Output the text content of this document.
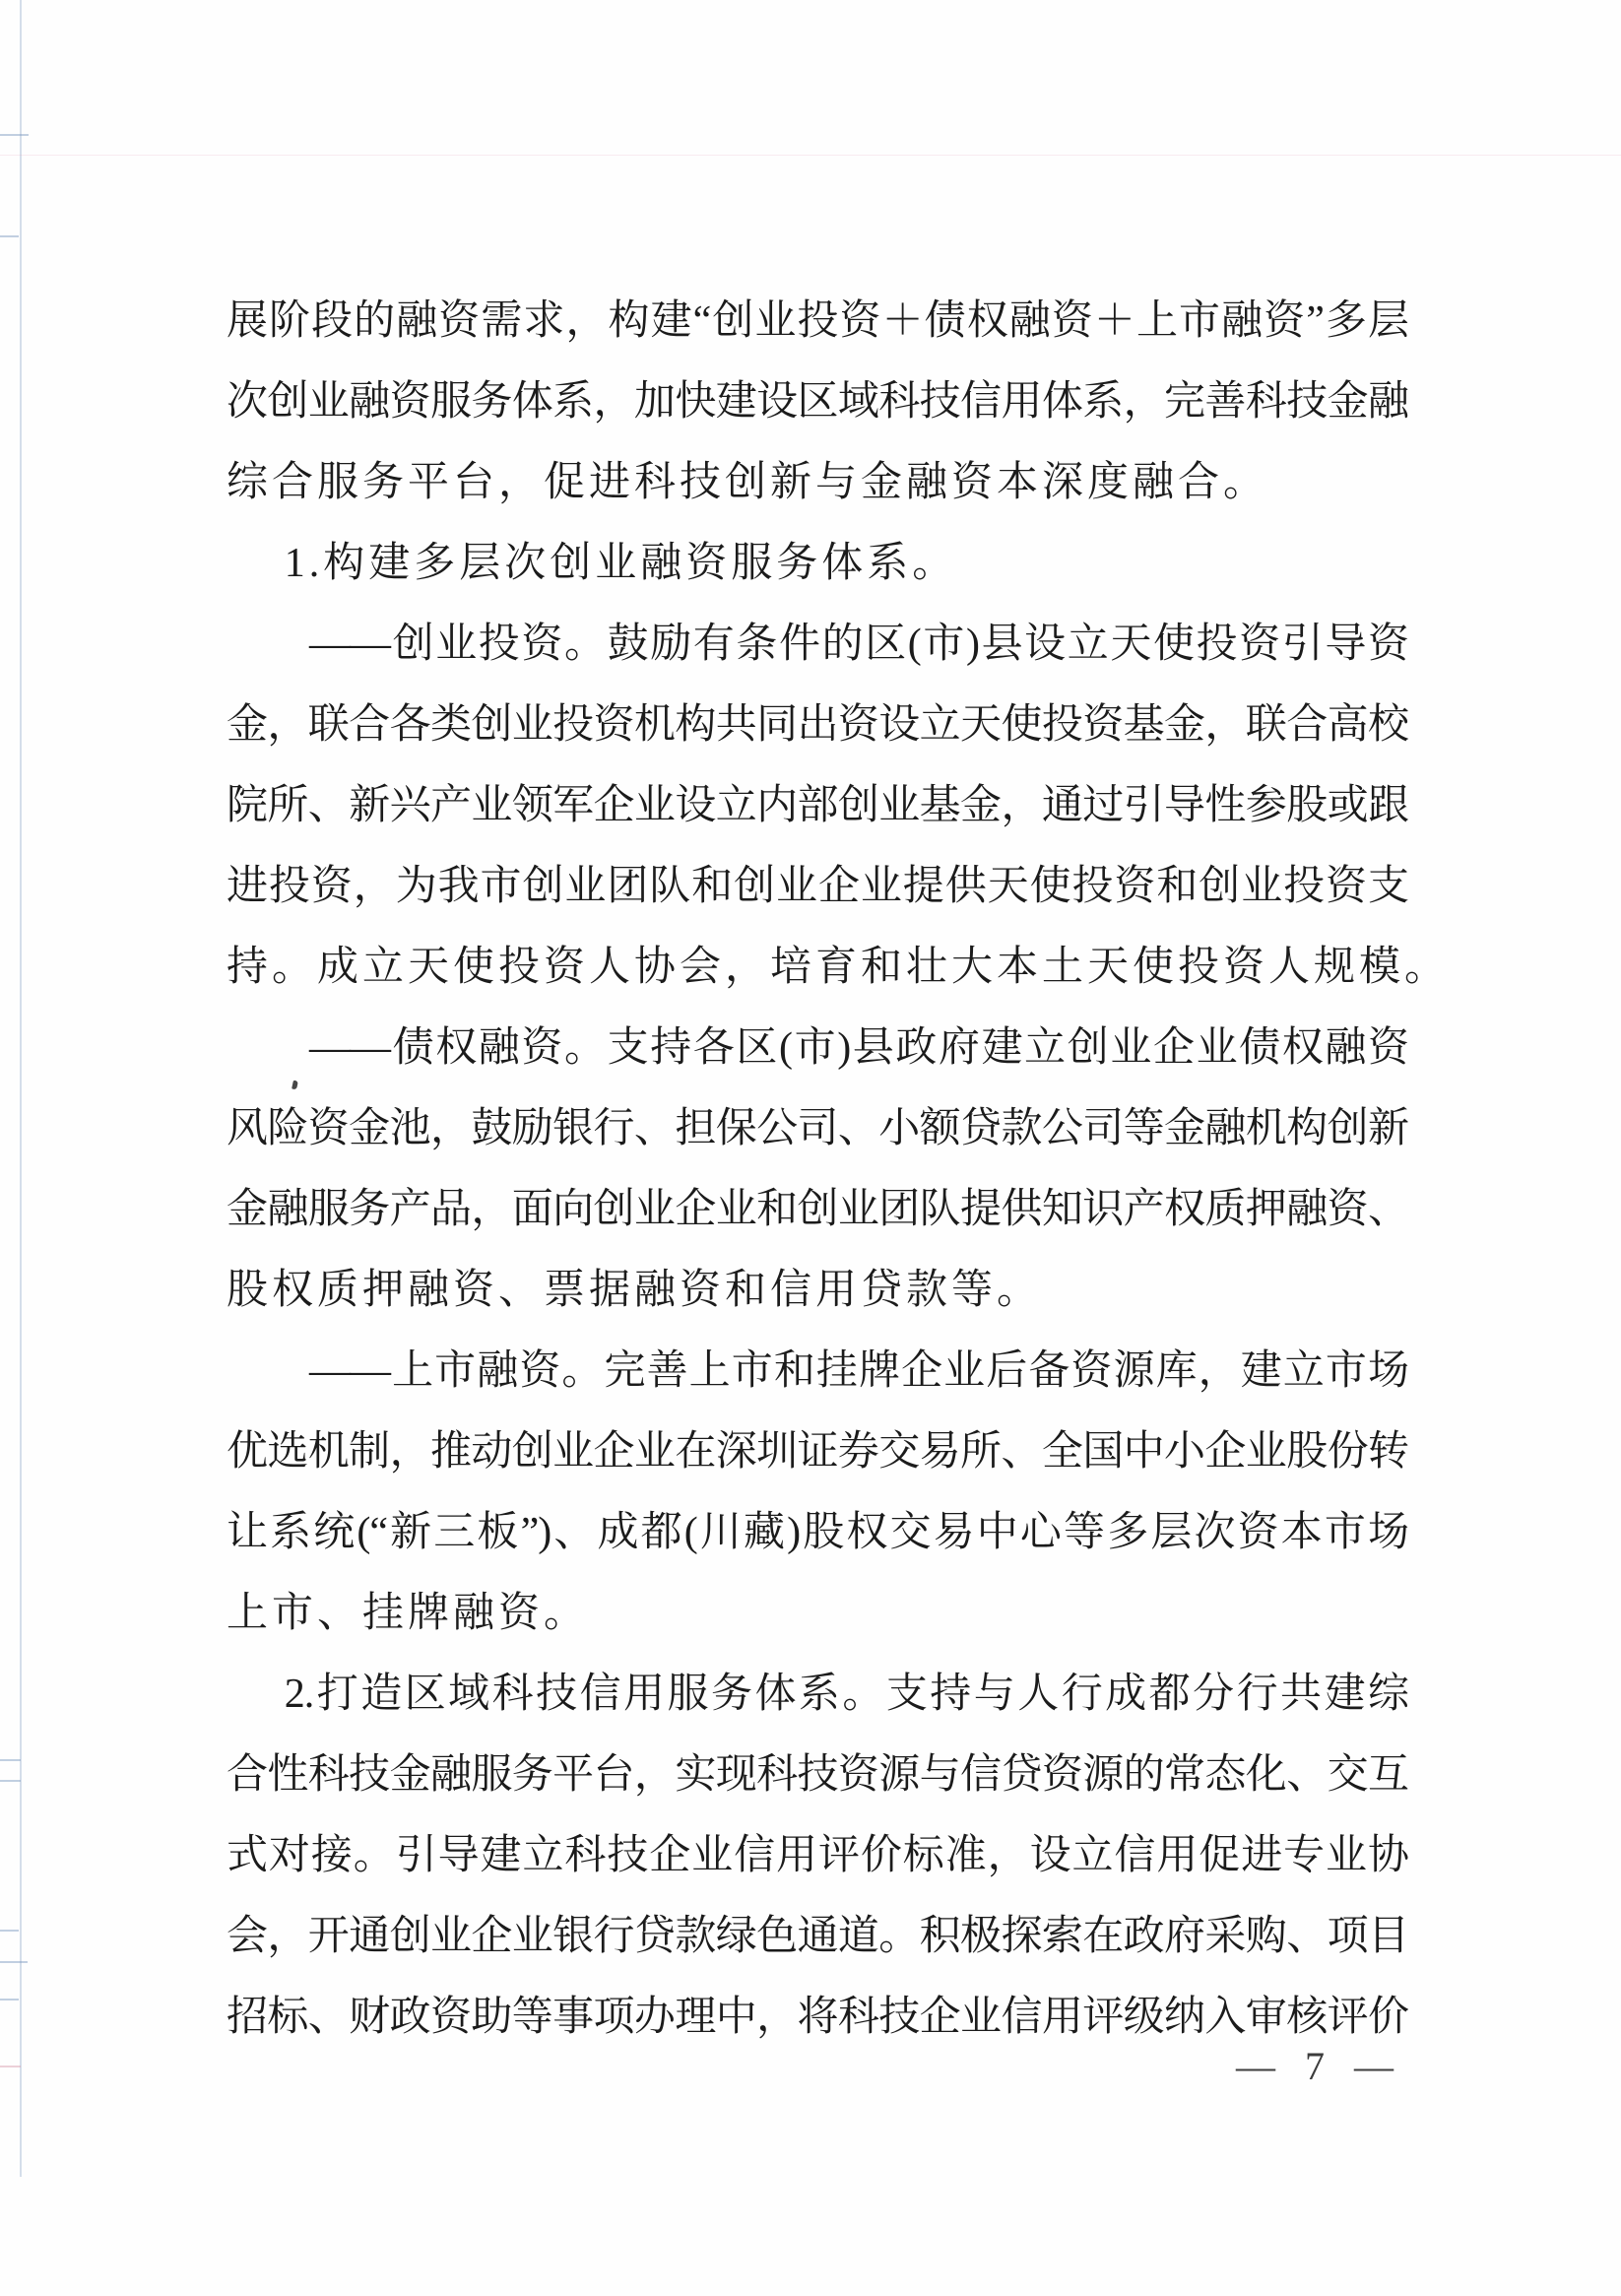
展阶段的融资需求，构建“创业投资＋债权融资＋上市融资”多层
次创业融资服务体系，加快建设区域科技信用体系，完善科技金融
综合服务平台，促进科技创新与金融资本深度融合。
1.构建多层次创业融资服务体系。
——创业投资。鼓励有条件的区(市)县设立天使投资引导资
金，联合各类创业投资机构共同出资设立天使投资基金，联合高校
院所、新兴产业领军企业设立内部创业基金，通过引导性参股或跟
进投资，为我市创业团队和创业企业提供天使投资和创业投资支
持。成立天使投资人协会，培育和壮大本土天使投资人规模。
——债权融资。支持各区(市)县政府建立创业企业债权融资
风险资金池，鼓励银行、担保公司、小额贷款公司等金融机构创新
金融服务产品，面向创业企业和创业团队提供知识产权质押融资、
股权质押融资、票据融资和信用贷款等。
——上市融资。完善上市和挂牌企业后备资源库，建立市场
优选机制，推动创业企业在深圳证券交易所、全国中小企业股份转
让系统(“新三板”)、成都(川藏)股权交易中心等多层次资本市场
上市、挂牌融资。
2.打造区域科技信用服务体系。支持与人行成都分行共建综
合性科技金融服务平台，实现科技资源与信贷资源的常态化、交互
式对接。引导建立科技企业信用评价标准，设立信用促进专业协
会，开通创业企业银行贷款绿色通道。积极探索在政府采购、项目
招标、财政资助等事项办理中，将科技企业信用评级纳入审核评价
— 7 —
